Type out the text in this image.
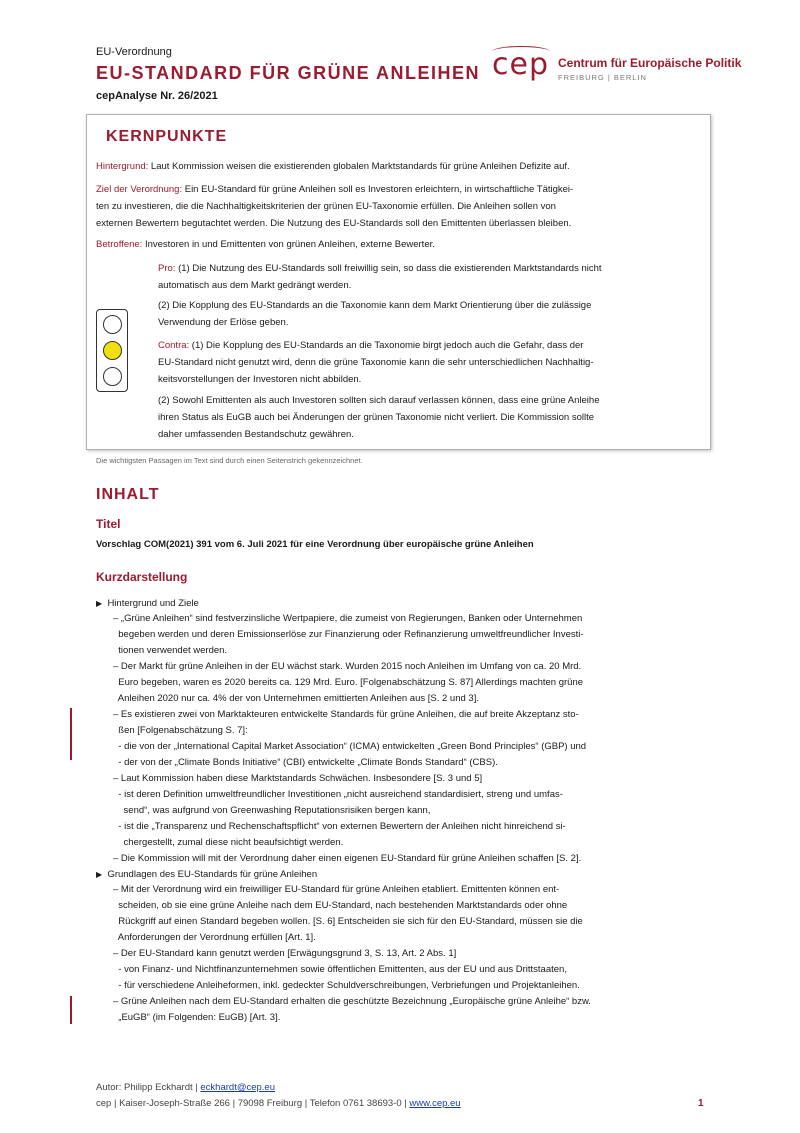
EU-Verordnung
EU-STANDARD FÜR GRÜNE ANLEIHEN
cepAnalyse Nr. 26/2021
cep Centrum für Europäische Politik
FREIBURG | BERLIN
KERNPUNKTE
Hintergrund: Laut Kommission weisen die existierenden globalen Marktstandards für grüne Anleihen Defizite auf.
Ziel der Verordnung: Ein EU-Standard für grüne Anleihen soll es Investoren erleichtern, in wirtschaftliche Tätigkei-
ten zu investieren, die die Nachhaltigkeitskriterien der grünen EU-Taxonomie erfüllen. Die Anleihen sollen von
externen Bewertern begutachtet werden. Die Nutzung des EU-Standards soll den Emittenten überlassen bleiben.
Betroffene: Investoren in und Emittenten von grünen Anleihen, externe Bewerter.
Pro: (1) Die Nutzung des EU-Standards soll freiwillig sein, so dass die existierenden Marktstandards nicht
automatisch aus dem Markt gedrängt werden.
(2) Die Kopplung des EU-Standards an die Taxonomie kann dem Markt Orientierung über die zulässige
Verwendung der Erlöse geben.
Contra: (1) Die Kopplung des EU-Standards an die Taxonomie birgt jedoch auch die Gefahr, dass der
EU-Standard nicht genutzt wird, denn die grüne Taxonomie kann die sehr unterschiedlichen Nachhaltig-
keitsvorstellungen der Investoren nicht abbilden.
(2) Sowohl Emittenten als auch Investoren sollten sich darauf verlassen können, dass eine grüne Anleihe
ihren Status als EuGB auch bei Änderungen der grünen Taxonomie nicht verliert. Die Kommission sollte
daher umfassenden Bestandschutz gewähren.
Die wichtigsten Passagen im Text sind durch einen Seitenstrich gekennzeichnet.
INHALT
Titel
Vorschlag COM(2021) 391 vom 6. Juli 2021 für eine Verordnung über europäische grüne Anleihen
Kurzdarstellung
▶ Hintergrund und Ziele
– „Grüne Anleihen“ sind festverzinsliche Wertpapiere, die zumeist von Regierungen, Banken oder Unternehmen
begeben werden und deren Emissionserlöse zur Finanzierung oder Refinanzierung umweltfreundlicher Investi-
tionen verwendet werden.
– Der Markt für grüne Anleihen in der EU wächst stark. Wurden 2015 noch Anleihen im Umfang von ca. 20 Mrd.
Euro begeben, waren es 2020 bereits ca. 129 Mrd. Euro. [Folgenabschätzung S. 87] Allerdings machten grüne
Anleihen 2020 nur ca. 4% der von Unternehmen emittierten Anleihen aus [S. 2 und 3].
– Es existieren zwei von Marktakteuren entwickelte Standards für grüne Anleihen, die auf breite Akzeptanz sto-
ßen [Folgenabschätzung S. 7]:
- die von der „International Capital Market Association“ (ICMA) entwickelten „Green Bond Principles“ (GBP) und
- der von der „Climate Bonds Initiative“ (CBI) entwickelte „Climate Bonds Standard“ (CBS).
– Laut Kommission haben diese Marktstandards Schwächen. Insbesondere [S. 3 und 5]
- ist deren Definition umweltfreundlicher Investitionen „nicht ausreichend standardisiert, streng und umfas-
send“, was aufgrund von Greenwashing Reputationsrisiken bergen kann,
- ist die „Transparenz und Rechenschaftspflicht“ von externen Bewertern der Anleihen nicht hinreichend si-
chergestellt, zumal diese nicht beaufsichtigt werden.
– Die Kommission will mit der Verordnung daher einen eigenen EU-Standard für grüne Anleihen schaffen [S. 2].
▶ Grundlagen des EU-Standards für grüne Anleihen
– Mit der Verordnung wird ein freiwilliger EU-Standard für grüne Anleihen etabliert. Emittenten können ent-
scheiden, ob sie eine grüne Anleihe nach dem EU-Standard, nach bestehenden Marktstandards oder ohne
Rückgriff auf einen Standard begeben wollen. [S. 6] Entscheiden sie sich für den EU-Standard, müssen sie die
Anforderungen der Verordnung erfüllen [Art. 1].
– Der EU-Standard kann genutzt werden [Erwägungsgrund 3, S. 13, Art. 2 Abs. 1]
- von Finanz- und Nichtfinanzunternehmen sowie öffentlichen Emittenten, aus der EU und aus Drittstaaten,
- für verschiedene Anleiheformen, inkl. gedeckter Schuldverschreibungen, Verbriefungen und Projektanleihen.
– Grüne Anleihen nach dem EU-Standard erhalten die geschützte Bezeichnung „Europäische grüne Anleihe“ bzw.
„EuGB“ (im Folgenden: EuGB) [Art. 3].
Autor: Philipp Eckhardt | eckhardt@cep.eu
cep | Kaiser-Joseph-Straße 266 | 79098 Freiburg | Telefon 0761 38693-0 | www.cep.eu	1
